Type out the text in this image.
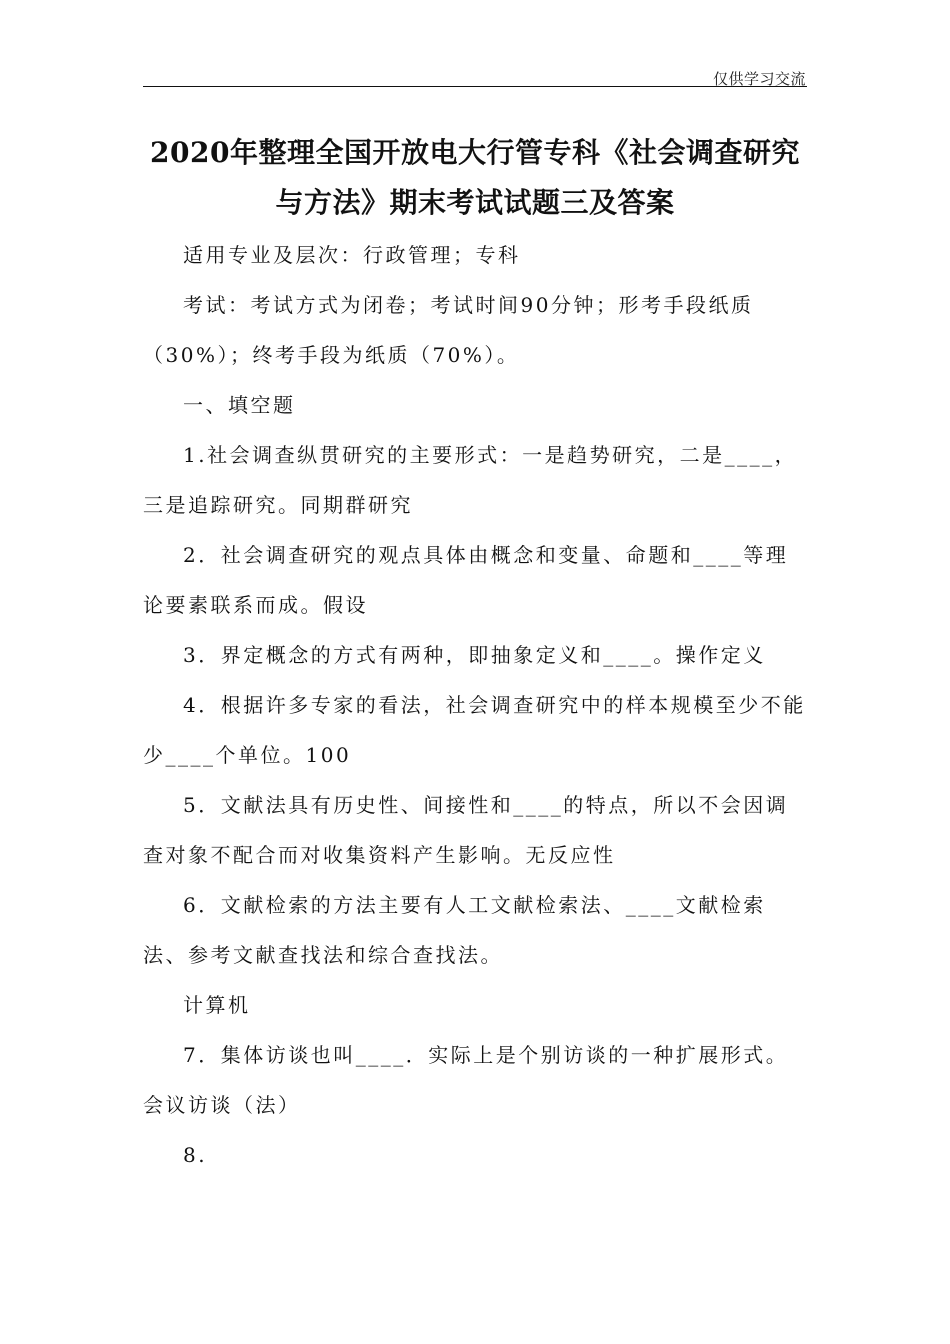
仅供学习交流
2020年整理全国开放电大行管专科《社会调查研究
与方法》期末考试试题三及答案

适用专业及层次：行政管理；专科

考试：考试方式为闭卷；考试时间90分钟；形考手段纸质（30%）；终考手段为纸质（70%）。

一、填空题

1.社会调查纵贯研究的主要形式：一是趋势研究，二是____，三是追踪研究。同期群研究

2．社会调查研究的观点具体由概念和变量、命题和____等理论要素联系而成。假设

3．界定概念的方式有两种，即抽象定义和____。操作定义

4．根据许多专家的看法，社会调查研究中的样本规模至少不能少____个单位。100

5．文献法具有历史性、间接性和____的特点，所以不会因调查对象不配合而对收集资料产生影响。无反应性

6．文献检索的方法主要有人工文献检索法、____文献检索法、参考文献查找法和综合查找法。

计算机

7．集体访谈也叫____．实际上是个别访谈的一种扩展形式。会议访谈（法）

8.
